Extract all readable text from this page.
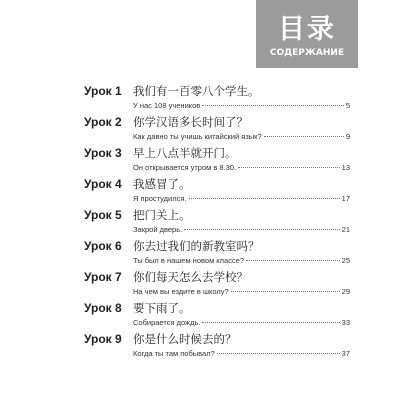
目录
СОДЕРЖАНИЕ
Урок 1 我们有一百零八个学生。
У нас 108 учеников	5
Урок 2 你学汉语多长时间了？
Как давно ты учишь китайский язык?	9
Урок 3 早上八点半就开门。
Он открывается утром в 8.30.	13
Урок 4 我感冒了。
Я простудился.	17
Урок 5 把门关上。
Закрой дверь.	21
Урок 6 你去过我们的新教室吗？
Ты был в нашем новом классе?	25
Урок 7 你们每天怎么去学校？
На чем вы ездите в школу?	29
Урок 8 要下雨了。
Собирается дождь.	33
Урок 9 你是什么时候去的？
Когда ты там побывал?	37
